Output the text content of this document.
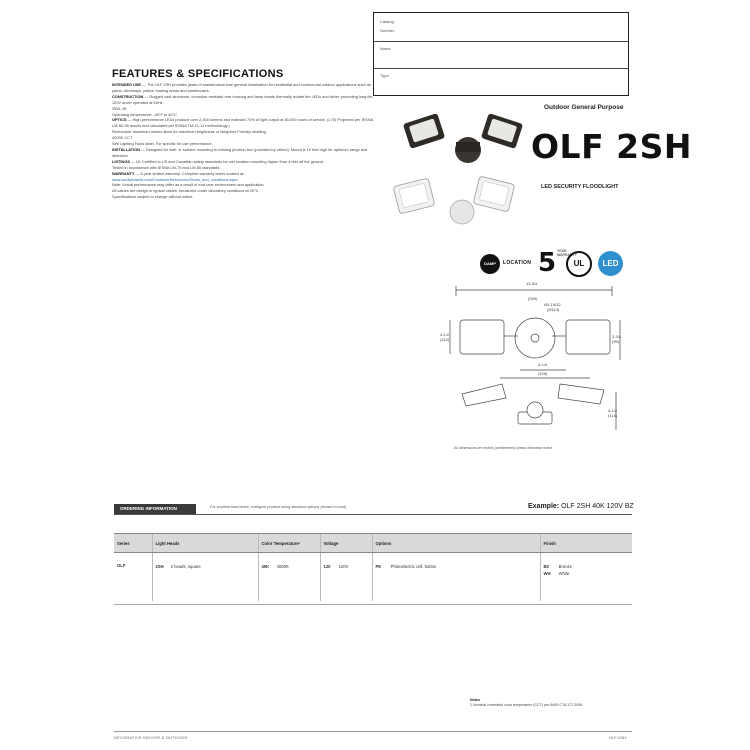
Catalog
Number
Notes
Type
FEATURES & SPECIFICATIONS

INTENDED USE — The OLF 2SH provides years of maintenance-free general illumination for residential and commercial outdoor applications such as yards, driveways, patios, loading areas and warehouses.

CONSTRUCTION — Rugged cast aluminum, corrosion-resistant rear housing and lamp heads thermally isolate the LEDs and driver promoting long life.

120V driver operates at 60Hz.

25W, 2ft.

Operating temperature: -40°F to 40°C

OPTICS — High-performance LEDs produce over 2,300 lumens and maintain 70% of light output at 50,000 hours of service. (L70) Projected per IESNA LM-80-08 results and calculated per IESNA TM-21-11 methodology.)

Removable aluminum moves allow for maximum brightness or Neighbor Friendly shading.

4000K CCT.

See Lighting Facts label. For specific for use performance.

INSTALLATION — Designed for wall- or surface mounting to existing junction box (provided by others). Mount is 10 feet high for optimum range and detection.

LISTINGS — UL Certified to US and Canadian safety standards for wet location mounting higher than 4 feet off the ground.

Tested in accordance with IESNA LM-79 and LM-80 standards.

WARRANTY — 5-year limited warranty. Complete warranty terms located at:

www.acuitybrands.com/CustomerResources/Terms_and_conditions.aspx

Note: Actual performance may differ as a result of end-user environment and application.

All values are design or typical values, measured under laboratory conditions at 25°C.

Specifications subject to change without notice.

Outdoor General Purpose
OLF 2SH
LED SECURITY FLOODLIGHT
DAMP	LOCATION 5 YEAR WARRANTY
UL	LED
13-3/4
(349)
Ø4-15/32
(Ø114)
4-1/2
(114)
3-3/4
(95)
4-1/4
(108)
4-1/2
(114)
All dimensions are inches (centimeters) unless otherwise noted.
ORDERING INFORMATION	For shortest lead times, configure product using standard options (shown in bold).	Example: OLF 2SH 40K 120V BZ
Series	Light Heads	Color Temperature¹	Voltage	Options	Finish
OLF	2SH 2 heads, square	40K 4000K	120 120V	PE Photoelectric cell, button	BZ Bronze
WH White
Notes
1 Nominal correlated color temperature (CCT) per ANSI C78.377-2008.
DECORATIVE INDOOR & OUTDOOR	OLF-2SH
